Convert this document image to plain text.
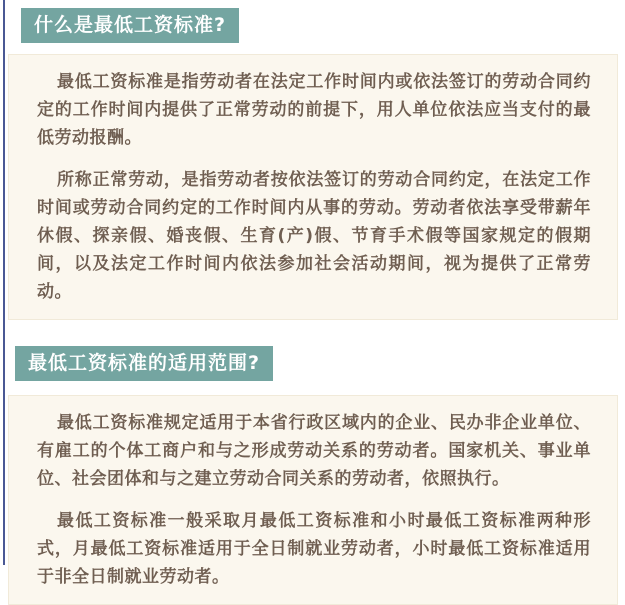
什么是最低工资标准?

最低工资标准是指劳动者在法定工作时间内或依法签订的劳动合同约定的工作时间内提供了正常劳动的前提下，用人单位依法应当支付的最低劳动报酬。

所称正常劳动，是指劳动者按依法签订的劳动合同约定，在法定工作时间或劳动合同约定的工作时间内从事的劳动。劳动者依法享受带薪年休假、探亲假、婚丧假、生育(产)假、节育手术假等国家规定的假期间，以及法定工作时间内依法参加社会活动期间，视为提供了正常劳动。

最低工资标准的适用范围?

最低工资标准规定适用于本省行政区域内的企业、民办非企业单位、有雇工的个体工商户和与之形成劳动关系的劳动者。国家机关、事业单位、社会团体和与之建立劳动合同关系的劳动者，依照执行。

最低工资标准一般采取月最低工资标准和小时最低工资标准两种形式，月最低工资标准适用于全日制就业劳动者，小时最低工资标准适用于非全日制就业劳动者。
